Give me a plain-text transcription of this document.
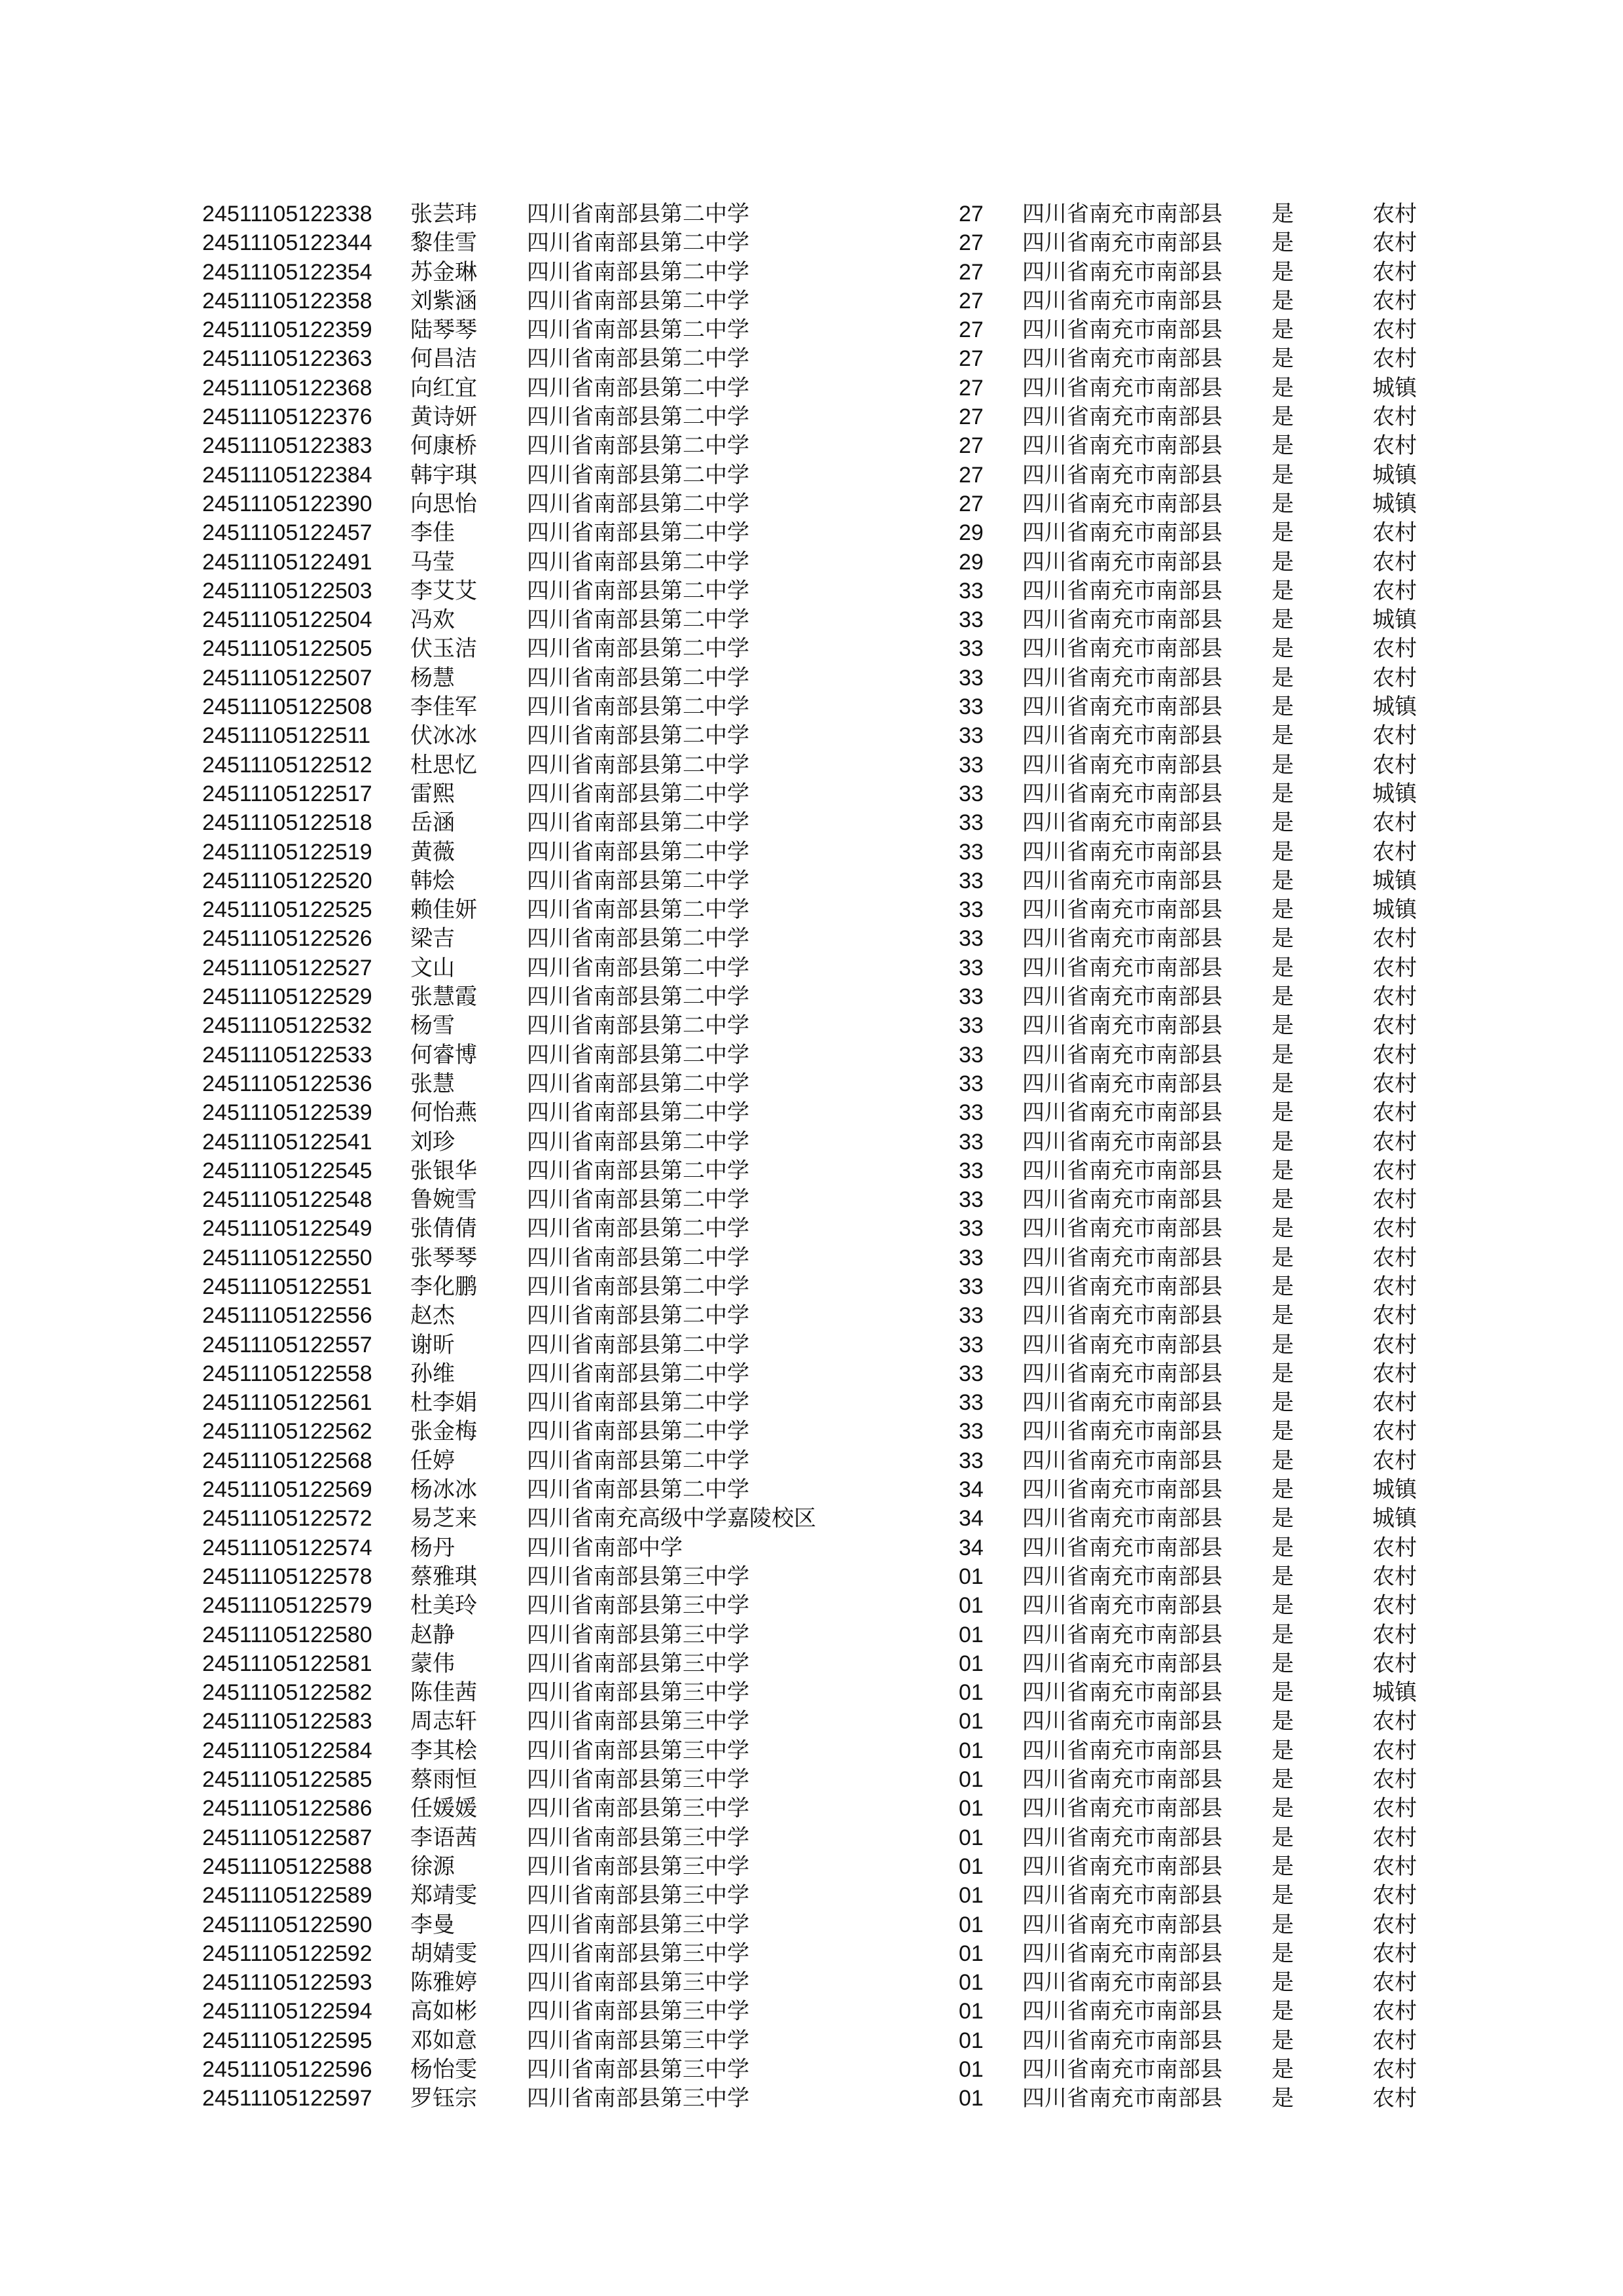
24511105122338 张芸玮 四川省南部县第二中学	27 四川省南充市南部县 是	农村
24511105122344 黎佳雪 四川省南部县第二中学	27 四川省南充市南部县 是	农村
24511105122354 苏金琳 四川省南部县第二中学	27 四川省南充市南部县 是	农村
24511105122358 刘紫涵 四川省南部县第二中学	27 四川省南充市南部县 是	农村
24511105122359 陆琴琴 四川省南部县第二中学	27 四川省南充市南部县 是	农村
24511105122363 何昌洁 四川省南部县第二中学	27 四川省南充市南部县 是	农村
24511105122368 向红宜 四川省南部县第二中学	27 四川省南充市南部县 是	城镇
24511105122376 黄诗妍 四川省南部县第二中学	27 四川省南充市南部县 是	农村
24511105122383 何康桥 四川省南部县第二中学	27 四川省南充市南部县 是	农村
24511105122384 韩宇琪 四川省南部县第二中学	27 四川省南充市南部县 是	城镇
24511105122390 向思怡 四川省南部县第二中学	27 四川省南充市南部县 是	城镇
24511105122457 李佳	四川省南部县第二中学	29 四川省南充市南部县 是	农村
24511105122491 马莹	四川省南部县第二中学	29 四川省南充市南部县 是	农村
24511105122503 李艾艾 四川省南部县第二中学	33 四川省南充市南部县 是	农村
24511105122504 冯欢	四川省南部县第二中学	33 四川省南充市南部县 是	城镇
24511105122505 伏玉洁 四川省南部县第二中学	33 四川省南充市南部县 是	农村
24511105122507 杨慧	四川省南部县第二中学	33 四川省南充市南部县 是	农村
24511105122508 李佳军 四川省南部县第二中学	33 四川省南充市南部县 是	城镇
24511105122511 伏冰冰 四川省南部县第二中学	33 四川省南充市南部县 是	农村
24511105122512 杜思忆 四川省南部县第二中学	33 四川省南充市南部县 是	农村
24511105122517 雷熙	四川省南部县第二中学	33 四川省南充市南部县 是	城镇
24511105122518 岳涵	四川省南部县第二中学	33 四川省南充市南部县 是	农村
24511105122519 黄薇	四川省南部县第二中学	33 四川省南充市南部县 是	农村
24511105122520 韩烩	四川省南部县第二中学	33 四川省南充市南部县 是	城镇
24511105122525 赖佳妍 四川省南部县第二中学	33 四川省南充市南部县 是	城镇
24511105122526 梁吉	四川省南部县第二中学	33 四川省南充市南部县 是	农村
24511105122527 文山	四川省南部县第二中学	33 四川省南充市南部县 是	农村
24511105122529 张慧霞 四川省南部县第二中学	33 四川省南充市南部县 是	农村
24511105122532 杨雪	四川省南部县第二中学	33 四川省南充市南部县 是	农村
24511105122533 何睿博 四川省南部县第二中学	33 四川省南充市南部县 是	农村
24511105122536 张慧	四川省南部县第二中学	33 四川省南充市南部县 是	农村
24511105122539 何怡燕 四川省南部县第二中学	33 四川省南充市南部县 是	农村
24511105122541 刘珍	四川省南部县第二中学	33 四川省南充市南部县 是	农村
24511105122545 张银华 四川省南部县第二中学	33 四川省南充市南部县 是	农村
24511105122548 鲁婉雪 四川省南部县第二中学	33 四川省南充市南部县 是	农村
24511105122549 张倩倩 四川省南部县第二中学	33 四川省南充市南部县 是	农村
24511105122550 张琴琴 四川省南部县第二中学	33 四川省南充市南部县 是	农村
24511105122551 李化鹏 四川省南部县第二中学	33 四川省南充市南部县 是	农村
24511105122556 赵杰	四川省南部县第二中学	33 四川省南充市南部县 是	农村
24511105122557 谢昕	四川省南部县第二中学	33 四川省南充市南部县 是	农村
24511105122558 孙维	四川省南部县第二中学	33 四川省南充市南部县 是	农村
24511105122561 杜李娟 四川省南部县第二中学	33 四川省南充市南部县 是	农村
24511105122562 张金梅 四川省南部县第二中学	33 四川省南充市南部县 是	农村
24511105122568 任婷	四川省南部县第二中学	33 四川省南充市南部县 是	农村
24511105122569 杨冰冰 四川省南部县第二中学	34 四川省南充市南部县 是	城镇
24511105122572 易芝来 四川省南充高级中学嘉陵校区	34 四川省南充市南部县 是	城镇
24511105122574 杨丹	四川省南部中学	34 四川省南充市南部县 是	农村
24511105122578 蔡雅琪 四川省南部县第三中学	01 四川省南充市南部县 是	农村
24511105122579 杜美玲 四川省南部县第三中学	01 四川省南充市南部县 是	农村
24511105122580 赵静	四川省南部县第三中学	01 四川省南充市南部县 是	农村
24511105122581 蒙伟	四川省南部县第三中学	01 四川省南充市南部县 是	农村
24511105122582 陈佳茜 四川省南部县第三中学	01 四川省南充市南部县 是	城镇
24511105122583 周志轩 四川省南部县第三中学	01 四川省南充市南部县 是	农村
24511105122584 李其桧 四川省南部县第三中学	01 四川省南充市南部县 是	农村
24511105122585 蔡雨恒 四川省南部县第三中学	01 四川省南充市南部县 是	农村
24511105122586 任媛媛 四川省南部县第三中学	01 四川省南充市南部县 是	农村
24511105122587 李语茜 四川省南部县第三中学	01 四川省南充市南部县 是	农村
24511105122588 徐源	四川省南部县第三中学	01 四川省南充市南部县 是	农村
24511105122589 郑靖雯 四川省南部县第三中学	01 四川省南充市南部县 是	农村
24511105122590 李曼	四川省南部县第三中学	01 四川省南充市南部县 是	农村
24511105122592 胡婧雯 四川省南部县第三中学	01 四川省南充市南部县 是	农村
24511105122593 陈雅婷 四川省南部县第三中学	01 四川省南充市南部县 是	农村
24511105122594 高如彬 四川省南部县第三中学	01 四川省南充市南部县 是	农村
24511105122595 邓如意 四川省南部县第三中学	01 四川省南充市南部县 是	农村
24511105122596 杨怡雯 四川省南部县第三中学	01 四川省南充市南部县 是	农村
24511105122597 罗钰宗 四川省南部县第三中学	01 四川省南充市南部县 是	农村
